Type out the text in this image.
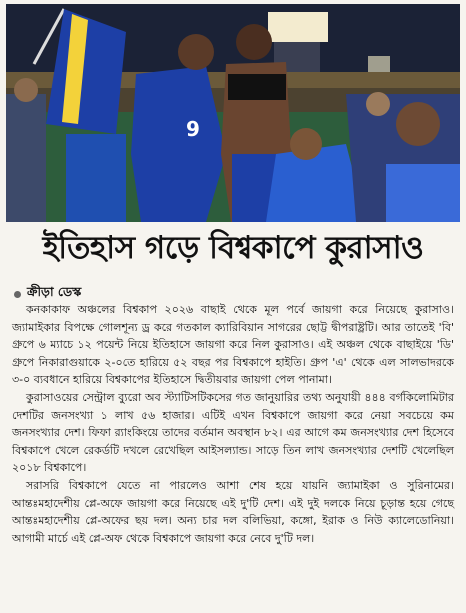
9
ইতিহাস গড়ে বিশ্বকাপে কুরাসাও
ক্রীড়া ডেস্ক

কনকাকাফ অঞ্চলের বিশ্বকাপ ২০২৬ বাছাই থেকে মূল পর্বে জায়গা করে নিয়েছে কুরাসাও। জ্যামাইকার বিপক্ষে গোলশূন্য ড্র করে গতকাল ক্যারিবিয়ান সাগরের ছোট্ট দ্বীপরাষ্ট্রটি। আর তাতেই 'বি' গ্রুপে ৬ ম্যাচে ১২ পয়েন্ট নিয়ে ইতিহাসে জায়গা করে নিল কুরাসাও। এই অঞ্চল থেকে বাছাইয়ে 'ডি' গ্রুপে নিকারাগুয়াকে ২-০তে হারিয়ে ৫২ বছর পর বিশ্বকাপে হাইতি। গ্রুপ 'এ' থেকে এল সালভাদরকে ৩-০ ব্যবধানে হারিয়ে বিশ্বকাপের ইতিহাসে দ্বিতীয়বার জায়গা পেল পানামা।

কুরাসাওয়ের সেন্ট্রাল ব্যুরো অব স্ট্যাটিসটিকসের গত জানুয়ারির তথ্য অনুযায়ী ৪৪৪ বর্গকিলোমিটার দেশটির জনসংখ্যা ১ লাখ ৫৬ হাজার। এটিই এখন বিশ্বকাপে জায়গা করে নেয়া সবচেয়ে কম জনসংখ্যার দেশ। ফিফা র‍্যাংকিংয়ে তাদের বর্তমান অবস্থান ৮২। এর আগে কম জনসংখ্যার দেশ হিসেবে বিশ্বকাপে খেলে রেকর্ডটি দখলে রেখেছিল আইসল্যান্ড। সাড়ে তিন লাখ জনসংখ্যার দেশটি খেলেছিল ২০১৮ বিশ্বকাপে।

সরাসরি বিশ্বকাপে যেতে না পারলেও আশা শেষ হয়ে যায়নি জ্যামাইকা ও সুরিনামের। আন্তঃমহাদেশীয় প্লে-অফে জায়গা করে নিয়েছে এই দু'টি দেশ। এই দুই দলকে নিয়ে চূড়ান্ত হয়ে গেছে আন্তঃমহাদেশীয় প্লে-অফের ছয় দল। অন্য চার দল বলিভিয়া, কঙ্গো, ইরাক ও নিউ ক্যালেডোনিয়া। আগামী মার্চে এই প্লে-অফ থেকে বিশ্বকাপে জায়গা করে নেবে দু'টি দল।
